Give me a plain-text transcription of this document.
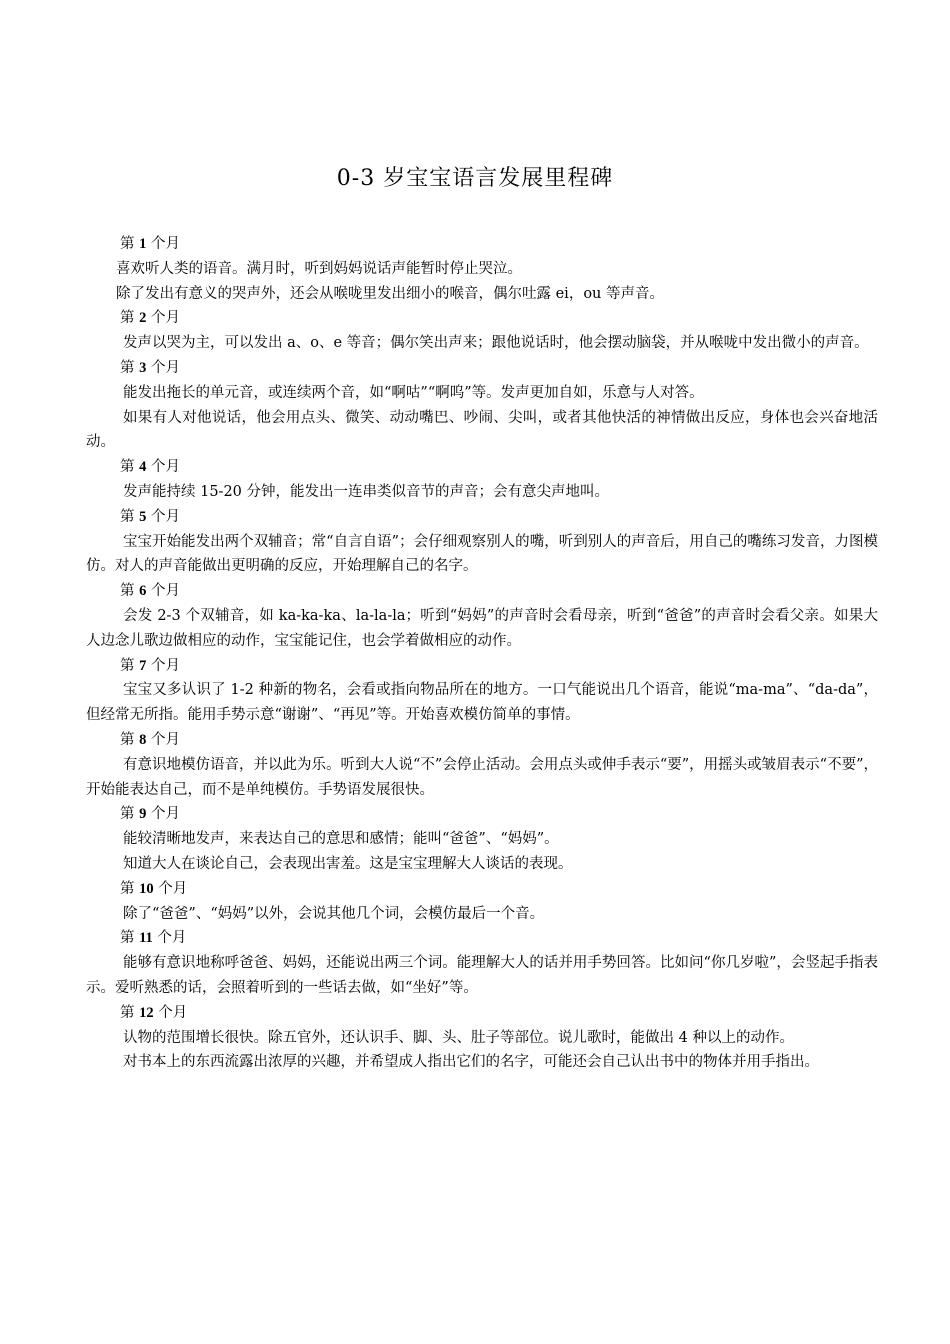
0-3 岁宝宝语言发展里程碑

第 1 个月

喜欢听人类的语音。满月时，听到妈妈说话声能暂时停止哭泣。

除了发出有意义的哭声外，还会从喉咙里发出细小的喉音，偶尔吐露 ei，ou 等声音。

第 2 个月

发声以哭为主，可以发出 a、o、e 等音；偶尔笑出声来；跟他说话时，他会摆动脑袋，并从喉咙中发出微小的声音。

第 3 个月

能发出拖长的单元音，或连续两个音，如“啊咕”“啊呜”等。发声更加自如，乐意与人对答。

如果有人对他说话，他会用点头、微笑、动动嘴巴、吵闹、尖叫，或者其他快活的神情做出反应，身体也会兴奋地活动。

第 4 个月

发声能持续 15-20 分钟，能发出一连串类似音节的声音；会有意尖声地叫。

第 5 个月

宝宝开始能发出两个双辅音；常“自言自语”；会仔细观察别人的嘴，听到别人的声音后，用自己的嘴练习发音，力图模仿。对人的声音能做出更明确的反应，开始理解自己的名字。

第 6 个月

会发 2-3 个双辅音，如 ka-ka-ka、la-la-la；听到“妈妈”的声音时会看母亲，听到“爸爸”的声音时会看父亲。如果大人边念儿歌边做相应的动作，宝宝能记住，也会学着做相应的动作。

第 7 个月

宝宝又多认识了 1-2 种新的物名，会看或指向物品所在的地方。一口气能说出几个语音，能说“ma-ma”、“da-da”，但经常无所指。能用手势示意“谢谢”、“再见”等。开始喜欢模仿简单的事情。

第 8 个月

有意识地模仿语音，并以此为乐。听到大人说“不”会停止活动。会用点头或伸手表示“要”，用摇头或皱眉表示“不要”，开始能表达自己，而不是单纯模仿。手势语发展很快。

第 9 个月

能较清晰地发声，来表达自己的意思和感情；能叫“爸爸”、“妈妈”。

知道大人在谈论自己，会表现出害羞。这是宝宝理解大人谈话的表现。

第 10 个月

除了“爸爸”、“妈妈”以外，会说其他几个词，会模仿最后一个音。

第 11 个月

能够有意识地称呼爸爸、妈妈，还能说出两三个词。能理解大人的话并用手势回答。比如问“你几岁啦”，会竖起手指表示。爱听熟悉的话，会照着听到的一些话去做，如“坐好”等。

第 12 个月

认物的范围增长很快。除五官外，还认识手、脚、头、肚子等部位。说儿歌时，能做出 4 种以上的动作。

对书本上的东西流露出浓厚的兴趣，并希望成人指出它们的名字，可能还会自己认出书中的物体并用手指出。
